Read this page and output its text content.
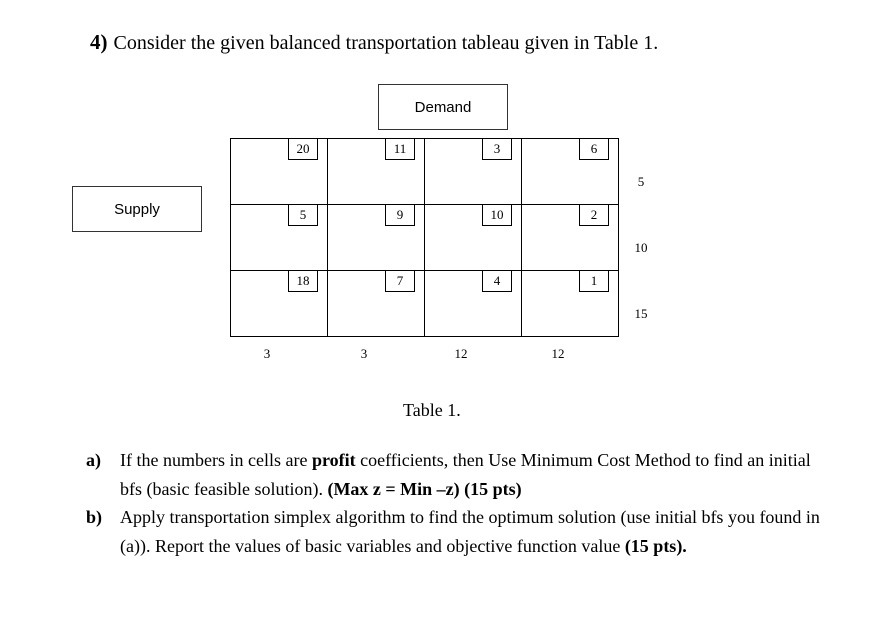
4) Consider the given balanced transportation tableau given in Table 1.
Demand
Supply
20	11	3	6
5	9	10	2
18	7	4	1
5
10
15
3	3	12	12
Table 1.
a) If the numbers in cells are profit coefficients, then Use Minimum Cost Method to find an initial bfs (basic feasible solution). (Max z = Min –z) (15 pts)
b) Apply transportation simplex algorithm to find the optimum solution (use initial bfs you found in (a)). Report the values of basic variables and objective function value (15 pts).
